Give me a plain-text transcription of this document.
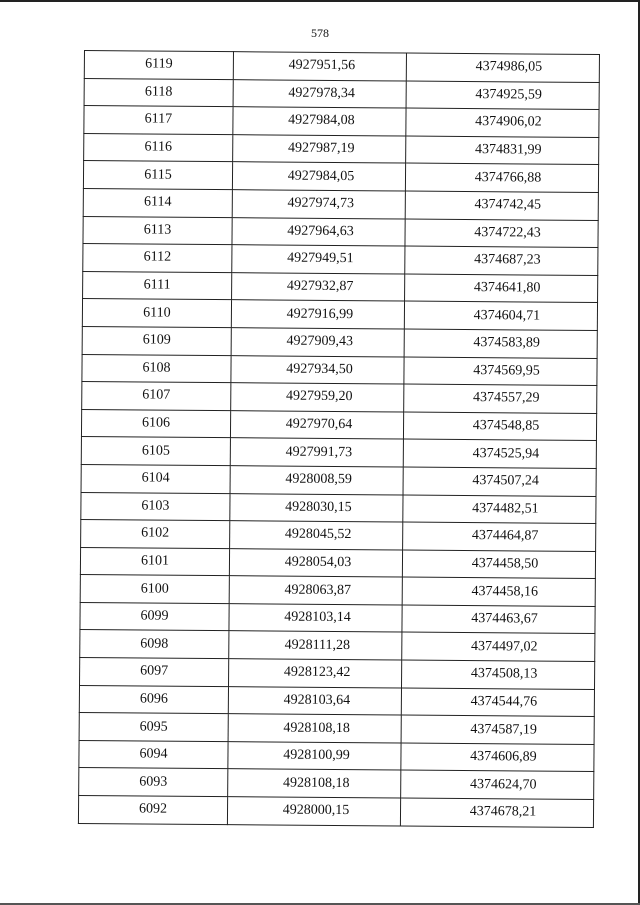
578
6119	4927951,56	4374986,05
6118	4927978,34	4374925,59
6117	4927984,08	4374906,02
6116	4927987,19	4374831,99
6115	4927984,05	4374766,88
6114	4927974,73	4374742,45
6113	4927964,63	4374722,43
6112	4927949,51	4374687,23
6111	4927932,87	4374641,80
6110	4927916,99	4374604,71
6109	4927909,43	4374583,89
6108	4927934,50	4374569,95
6107	4927959,20	4374557,29
6106	4927970,64	4374548,85
6105	4927991,73	4374525,94
6104	4928008,59	4374507,24
6103	4928030,15	4374482,51
6102	4928045,52	4374464,87
6101	4928054,03	4374458,50
6100	4928063,87	4374458,16
6099	4928103,14	4374463,67
6098	4928111,28	4374497,02
6097	4928123,42	4374508,13
6096	4928103,64	4374544,76
6095	4928108,18	4374587,19
6094	4928100,99	4374606,89
6093	4928108,18	4374624,70
6092	4928000,15	4374678,21
